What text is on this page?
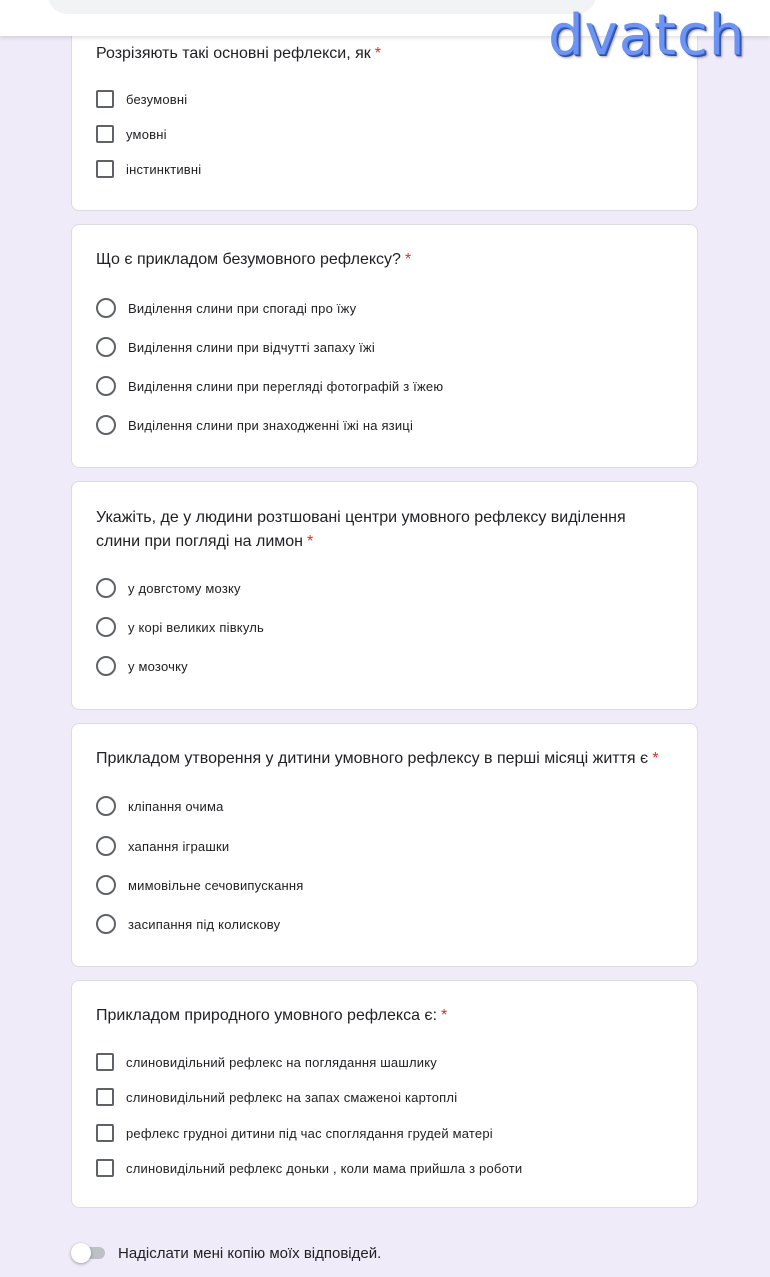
dvatch
Розрізяють такі основні рефлекси, як *
безумовні
умовні
інстинктивні
Що є прикладом безумовного рефлексу? *
Виділення слини при спогаді про їжу
Виділення слини при відчутті запаху їжі
Виділення слини при перегляді фотографій з їжею
Виділення слини при знаходженні їжі на язиці
Укажіть, де у людини розтшовані центри умовного рефлексу виділення
слини при погляді на лимон *
у довгстому мозку
у корі великих півкуль
у мозочку
Прикладом утворення у дитини умовного рефлексу в перші місяці життя є *
кліпання очима
хапання іграшки
мимовільне сечовипускання
засипання під колискову
Прикладом природного умовного рефлекса є: *
слиновидільний рефлекс на поглядання шашлику
слиновидільний рефлекс на запах смаженоі картоплі
рефлекс грудноі дитини під час споглядання грудей матері
слиновидільний рефлекс доньки , коли мама прийшла з роботи
Надіслати мені копію моїх відповідей.
